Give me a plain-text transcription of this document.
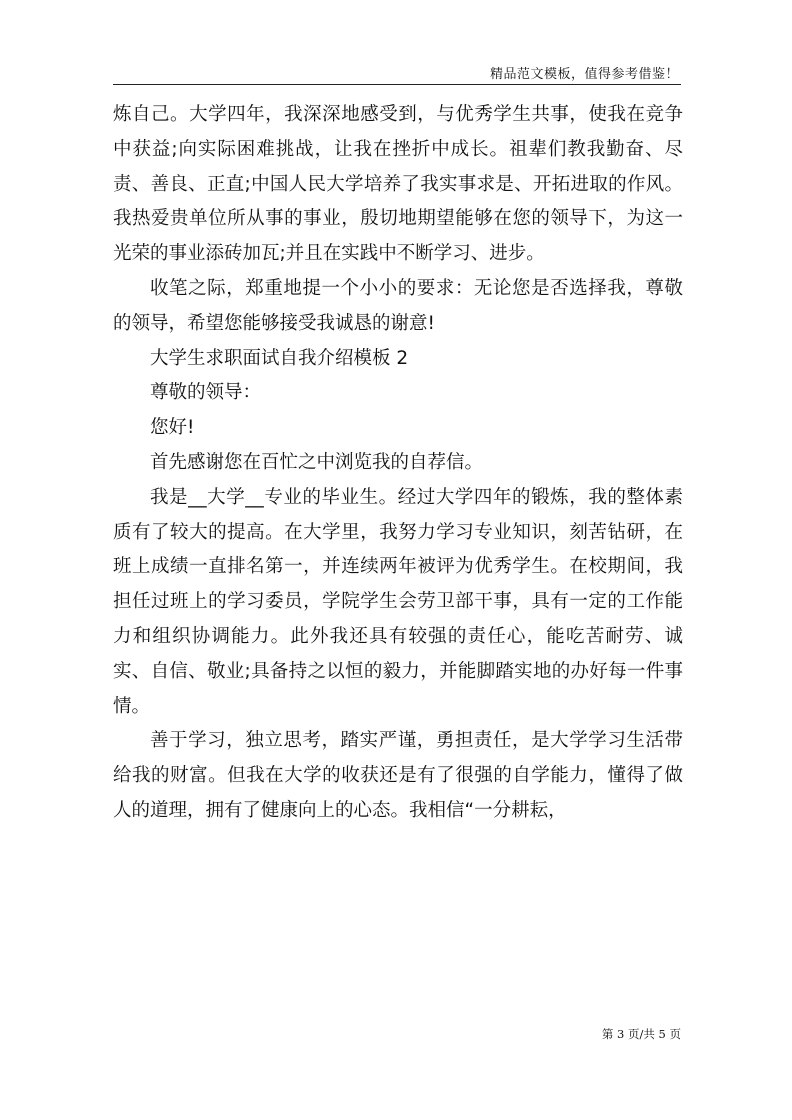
精品范文模板，值得参考借鉴！

炼自己。大学四年，我深深地感受到，与优秀学生共事，使我在竞争中获益;向实际困难挑战，让我在挫折中成长。祖辈们教我勤奋、尽责、善良、正直;中国人民大学培养了我实事求是、开拓进取的作风。我热爱贵单位所从事的事业，殷切地期望能够在您的领导下，为这一光荣的事业添砖加瓦;并且在实践中不断学习、进步。

收笔之际，郑重地提一个小小的要求：无论您是否选择我，尊敬的领导，希望您能够接受我诚恳的谢意!

大学生求职面试自我介绍模板 2

尊敬的领导：

您好!

首先感谢您在百忙之中浏览我的自荐信。

我是__大学__专业的毕业生。经过大学四年的锻炼，我的整体素质有了较大的提高。在大学里，我努力学习专业知识，刻苦钻研，在班上成绩一直排名第一，并连续两年被评为优秀学生。在校期间，我担任过班上的学习委员，学院学生会劳卫部干事，具有一定的工作能力和组织协调能力。此外我还具有较强的责任心，能吃苦耐劳、诚实、自信、敬业;具备持之以恒的毅力，并能脚踏实地的办好每一件事情。

善于学习，独立思考，踏实严谨，勇担责任，是大学学习生活带给我的财富。但我在大学的收获还是有了很强的自学能力，懂得了做人的道理，拥有了健康向上的心态。我相信“一分耕耘，

第 3 页/共 5 页
